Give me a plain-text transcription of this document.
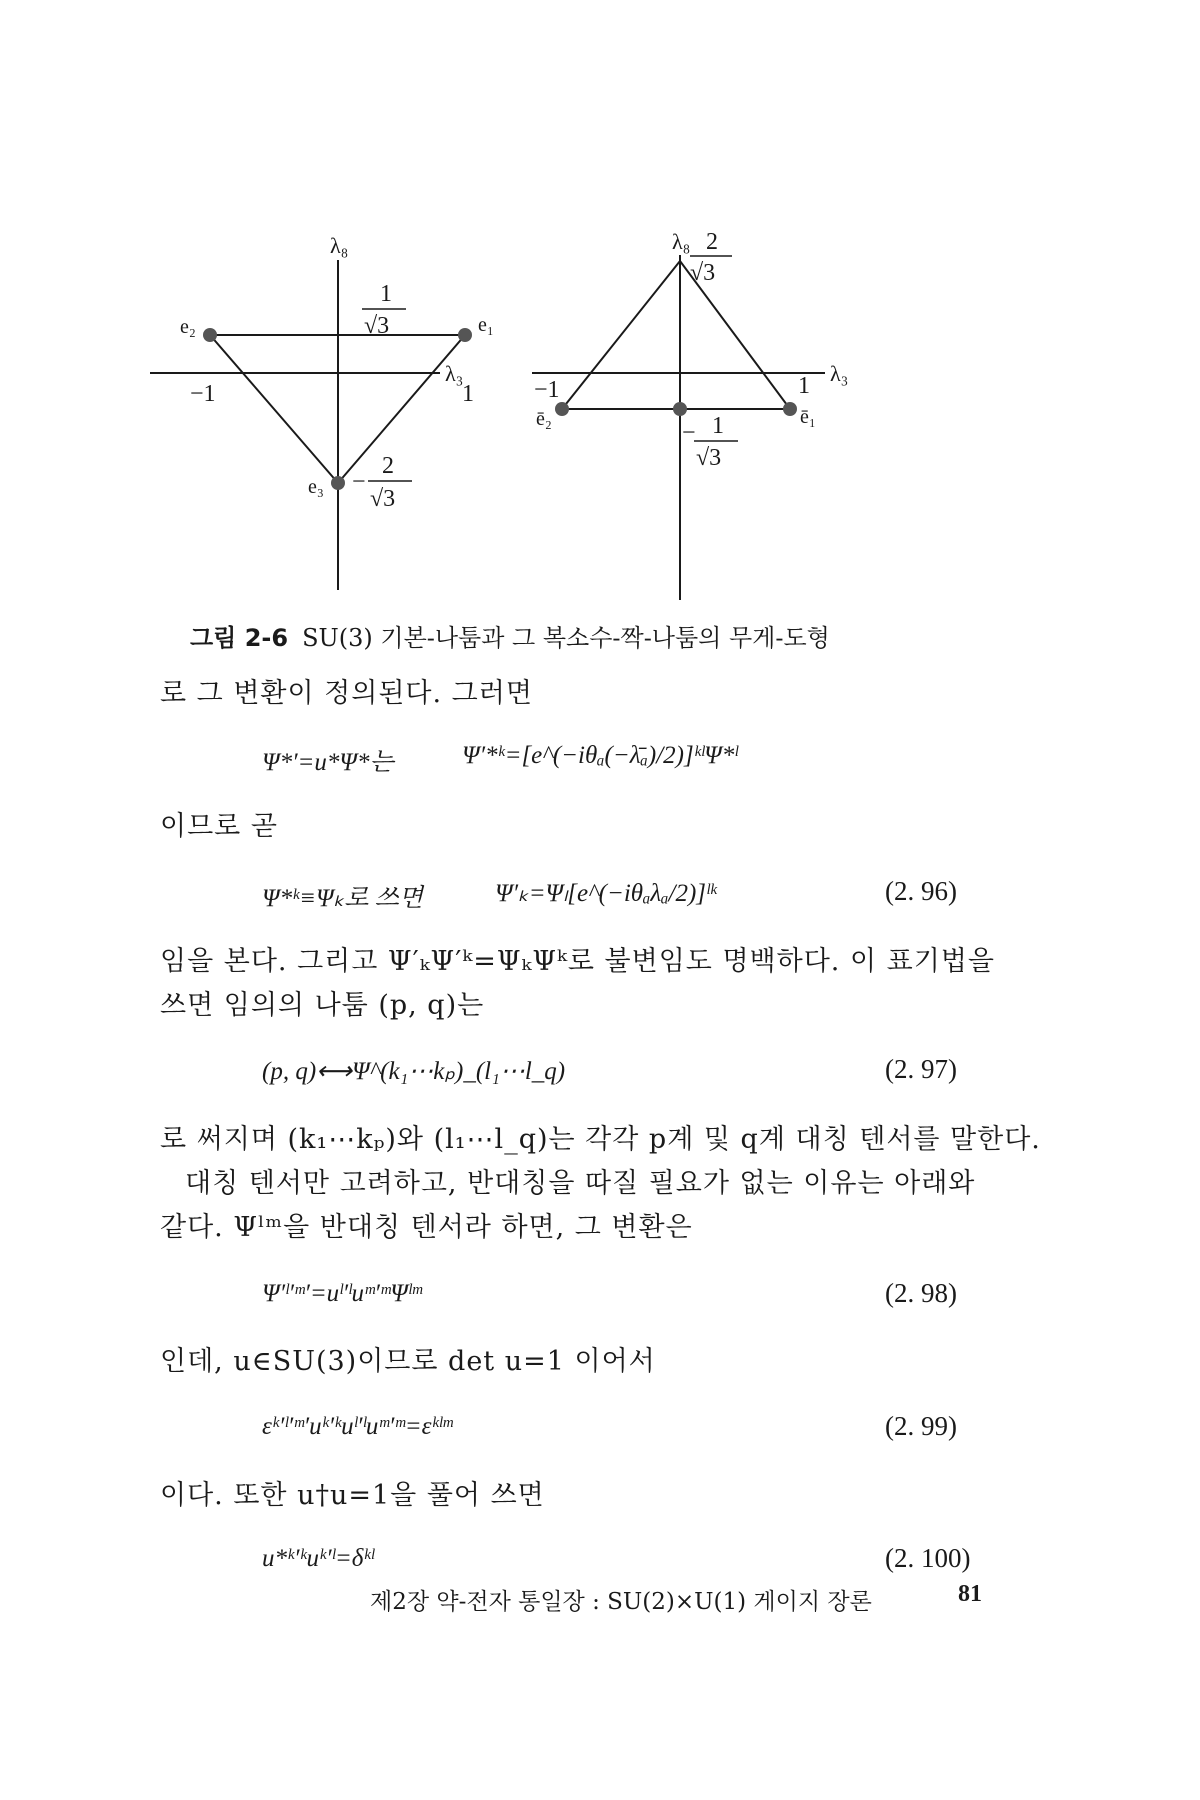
λ₈
λ₃
e₂	e₁
e₃
−1	1
1
√3
−
2
√3
λ₈
λ₃
ē₂	ē₁
−1	1
2
√3
− 1
√3
그림 2-6 SU(3) 기본-나툼과 그 복소수-짝-나툼의 무게-도형
로 그 변환이 정의된다. 그러면
Ψ*′=u*Ψ*는	Ψ′*ᵏ=[e^(−iθₐ(−λ̄ₐ)/2)]ᵏˡΨ*ˡ
이므로 곧
Ψ*ᵏ≡Ψₖ로 쓰면	Ψ′ₖ=Ψₗ[e^(−iθₐλₐ/2)]ˡᵏ	(2. 96)
임을 본다. 그리고 Ψ′ₖΨ′ᵏ=ΨₖΨᵏ로 불변임도 명백하다. 이 표기법을
쓰면 임의의 나툼 (p, q)는
(p, q)⟷Ψ^(k₁⋯kₚ)_(l₁⋯l_q)	(2. 97)
로 써지며 (k₁⋯kₚ)와 (l₁⋯l_q)는 각각 p계 및 q계 대칭 텐서를 말한다.
대칭 텐서만 고려하고, 반대칭을 따질 필요가 없는 이유는 아래와
같다. Ψˡᵐ을 반대칭 텐서라 하면, 그 변환은
Ψ′ˡ′ᵐ′=uˡ′ˡuᵐ′ᵐΨˡᵐ	(2. 98)
인데, u∈SU(3)이므로 det u=1 이어서
εᵏ′ˡ′ᵐ′uᵏ′ᵏuˡ′ˡuᵐ′ᵐ=εᵏˡᵐ	(2. 99)
이다. 또한 u†u=1을 풀어 쓰면
u*ᵏ′ᵏuᵏ′ˡ=δᵏˡ	(2. 100)
제2장 약-전자 통일장 : SU(2)×U(1) 게이지 장론	81
